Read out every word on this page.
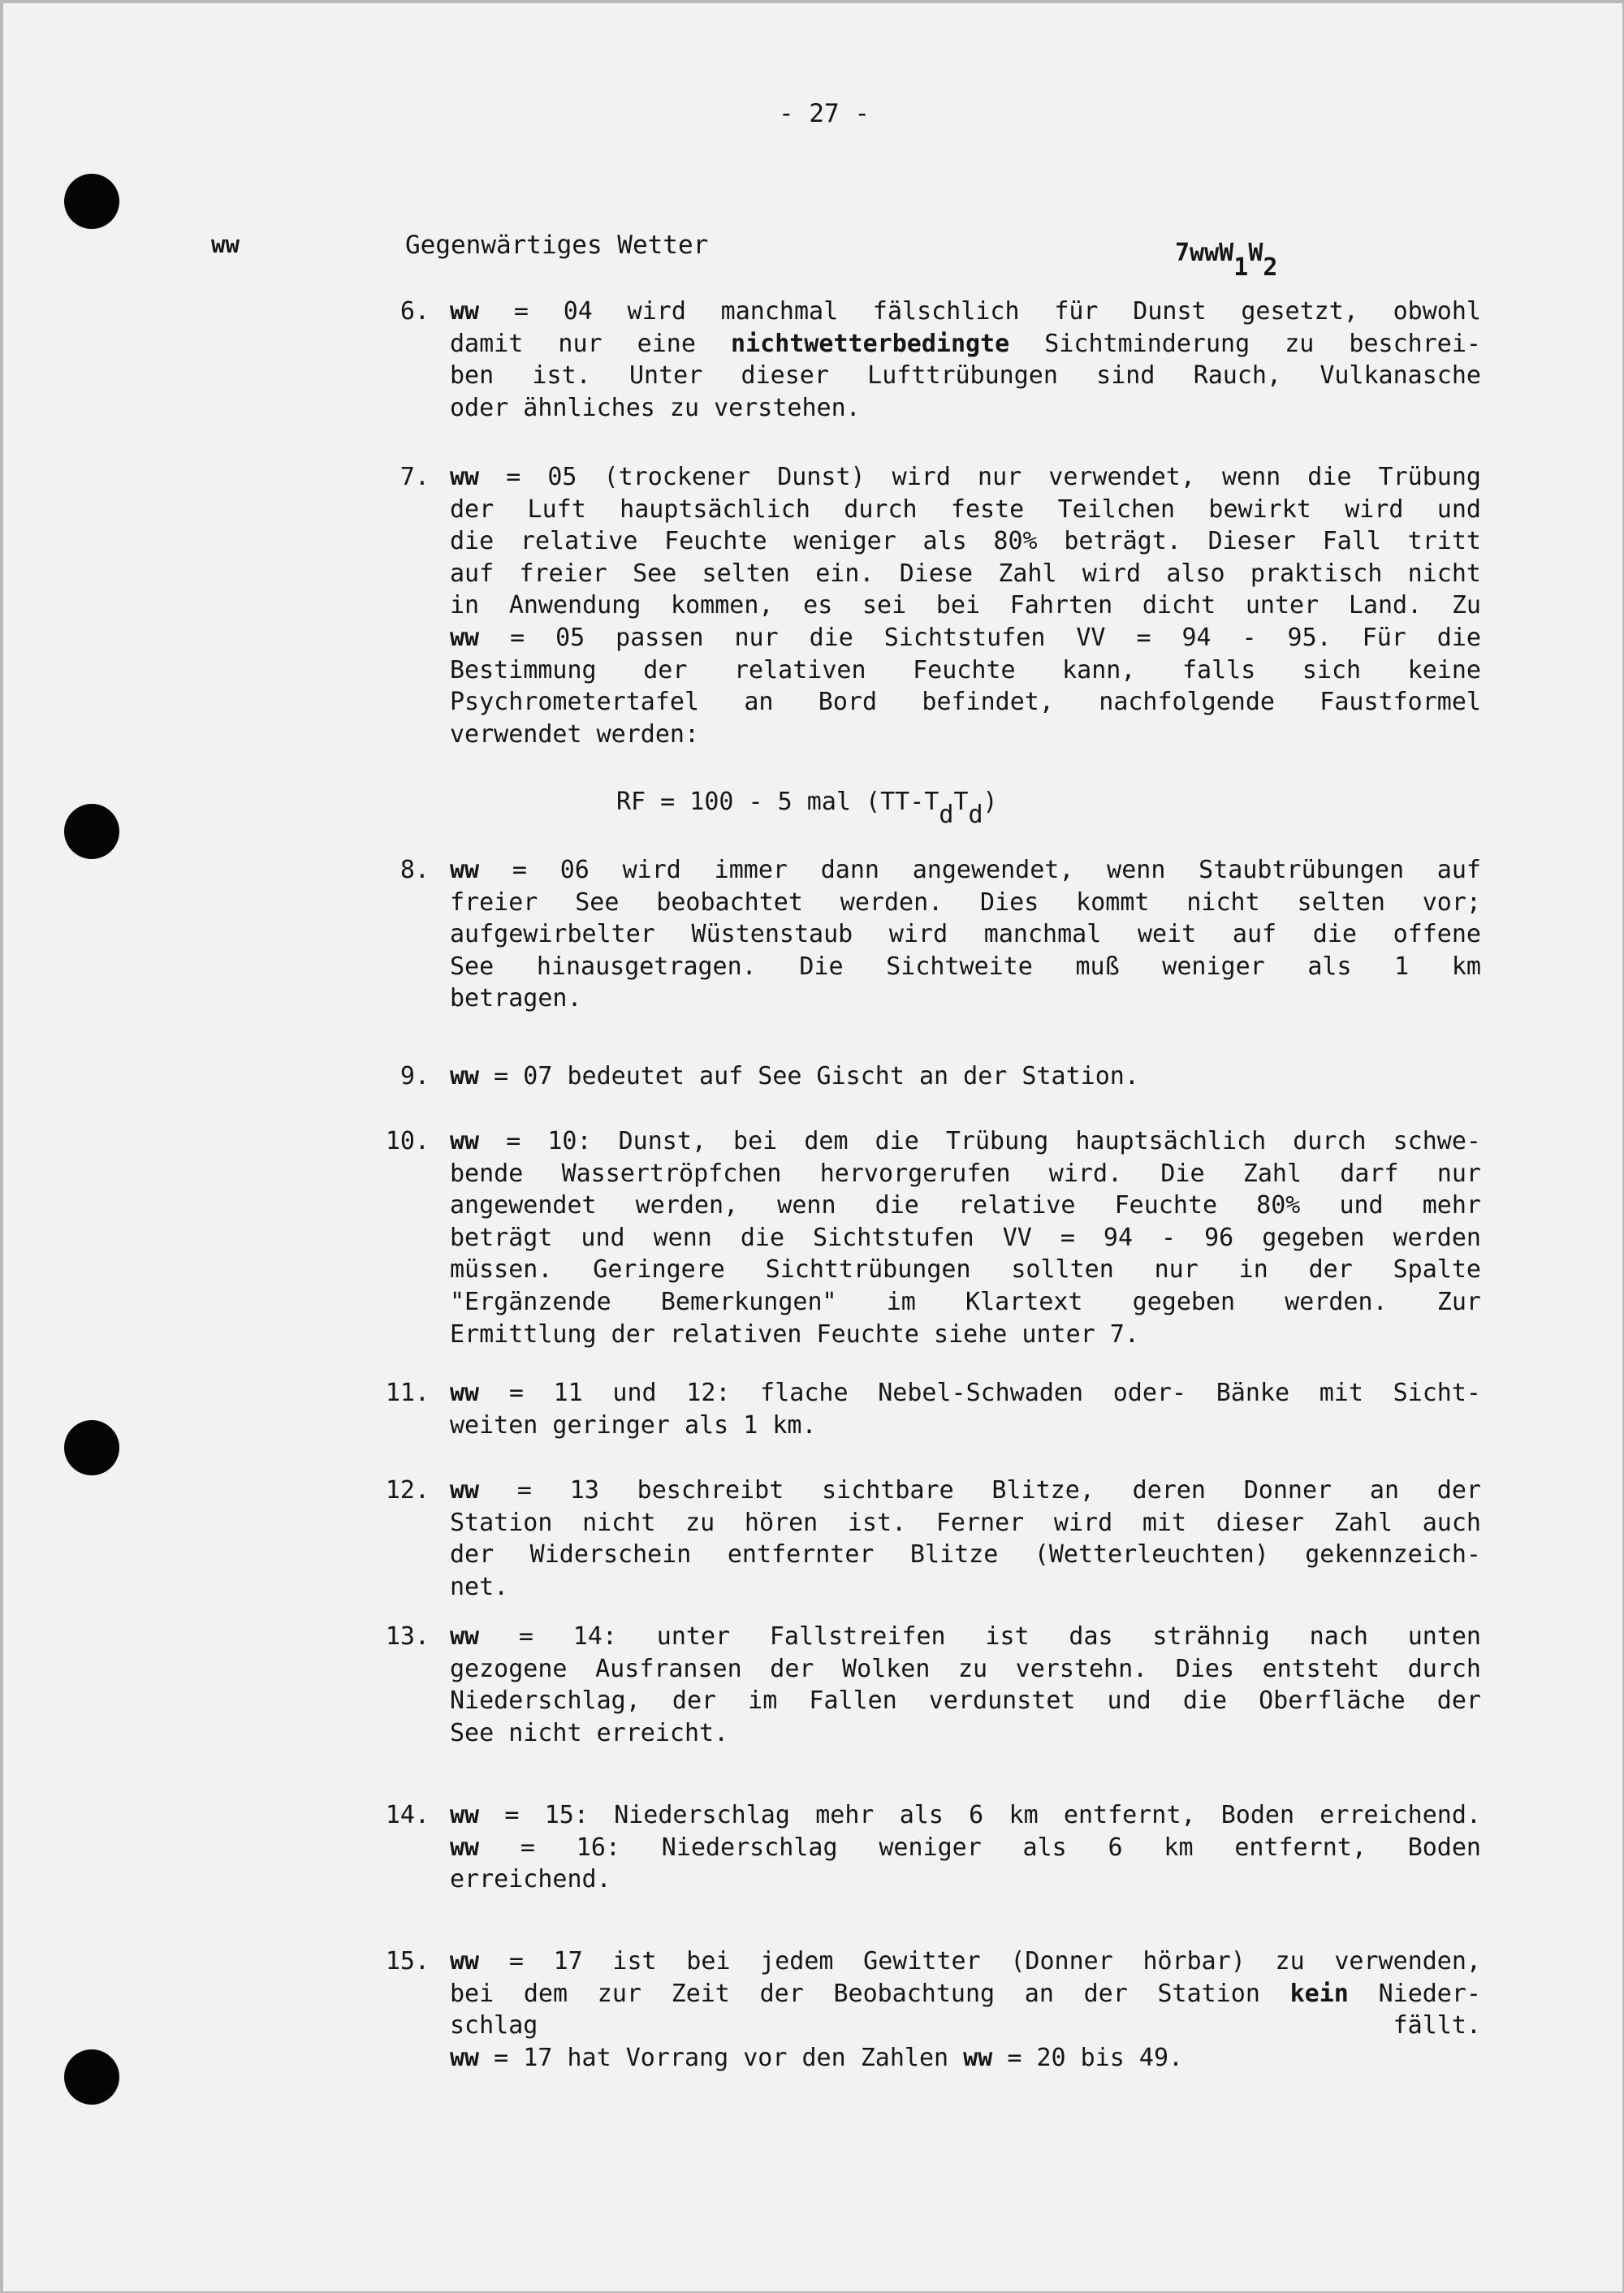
- 27 -
ww	Gegenwärtiges Wetter	$7wwW_1W_2$
6. ww = 04 wird manchmal fälschlich für Dunst gesetzt, obwohl
damit nur eine nichtwetterbedingte Sichtminderung zu beschrei-
ben ist. Unter dieser Lufttrübungen sind Rauch, Vulkanasche
oder ähnliches zu verstehen.
7. ww = 05 (trockener Dunst) wird nur verwendet, wenn die Trübung
der Luft hauptsächlich durch feste Teilchen bewirkt wird und
die relative Feuchte weniger als 80% beträgt. Dieser Fall tritt
auf freier See selten ein. Diese Zahl wird also praktisch nicht
in Anwendung kommen, es sei bei Fahrten dicht unter Land. Zu
ww = 05 passen nur die Sichtstufen VV = 94 - 95. Für die
Bestimmung der relativen Feuchte kann, falls sich keine
Psychrometertafel an Bord befindet, nachfolgende Faustformel
verwendet werden:
8. ww = 06 wird immer dann angewendet, wenn Staubtrübungen auf
freier See beobachtet werden. Dies kommt nicht selten vor;
aufgewirbelter Wüstenstaub wird manchmal weit auf die offene
See hinausgetragen. Die Sichtweite muß weniger als 1 km
betragen.
9. ww = 07 bedeutet auf See Gischt an der Station.
10. ww = 10: Dunst, bei dem die Trübung hauptsächlich durch schwe-
bende Wassertröpfchen hervorgerufen wird. Die Zahl darf nur
angewendet werden, wenn die relative Feuchte 80% und mehr
beträgt und wenn die Sichtstufen VV = 94 - 96 gegeben werden
müssen. Geringere Sichttrübungen sollten nur in der Spalte
"Ergänzende Bemerkungen" im Klartext gegeben werden. Zur
Ermittlung der relativen Feuchte siehe unter 7.
11. ww = 11 und 12: flache Nebel-Schwaden oder- Bänke mit Sicht-
weiten geringer als 1 km.
12. ww = 13 beschreibt sichtbare Blitze, deren Donner an der
Station nicht zu hören ist. Ferner wird mit dieser Zahl auch
der Widerschein entfernter Blitze (Wetterleuchten) gekennzeich-
net.
13. ww = 14: unter Fallstreifen ist das strähnig nach unten
gezogene Ausfransen der Wolken zu verstehn. Dies entsteht durch
Niederschlag, der im Fallen verdunstet und die Oberfläche der
See nicht erreicht.
14. ww = 15: Niederschlag mehr als 6 km entfernt, Boden erreichend.
ww = 16: Niederschlag weniger als 6 km entfernt, Boden
erreichend.
15. ww = 17 ist bei jedem Gewitter (Donner hörbar) zu verwenden,
bei dem zur Zeit der Beobachtung an der Station kein Nieder-
schlag fällt.
ww = 17 hat Vorrang vor den Zahlen ww = 20 bis 49.
RF = 100 - 5 mal $(TT-T_dT_d)$
